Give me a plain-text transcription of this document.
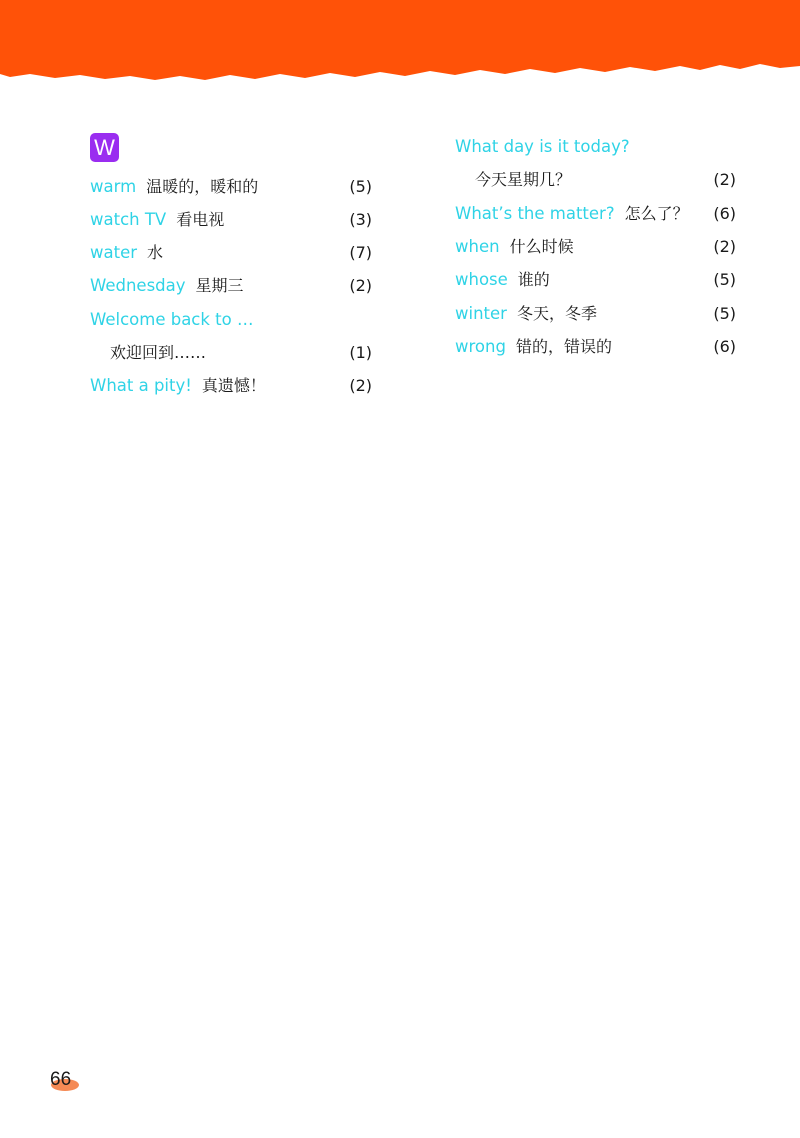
W
warm 温暖的，暖和的	(5)
watch TV 看电视	(3)
water 水	(7)
Wednesday 星期三	(2)
Welcome back to …
欢迎回到……	(1)
What a pity! 真遗憾！	(2)
What day is it today?
今天星期几？	(2)
What’s the matter? 怎么了？ (6)
when 什么时候	(2)
whose 谁的	(5)
winter 冬天，冬季	(5)
wrong 错的，错误的	(6)
66
